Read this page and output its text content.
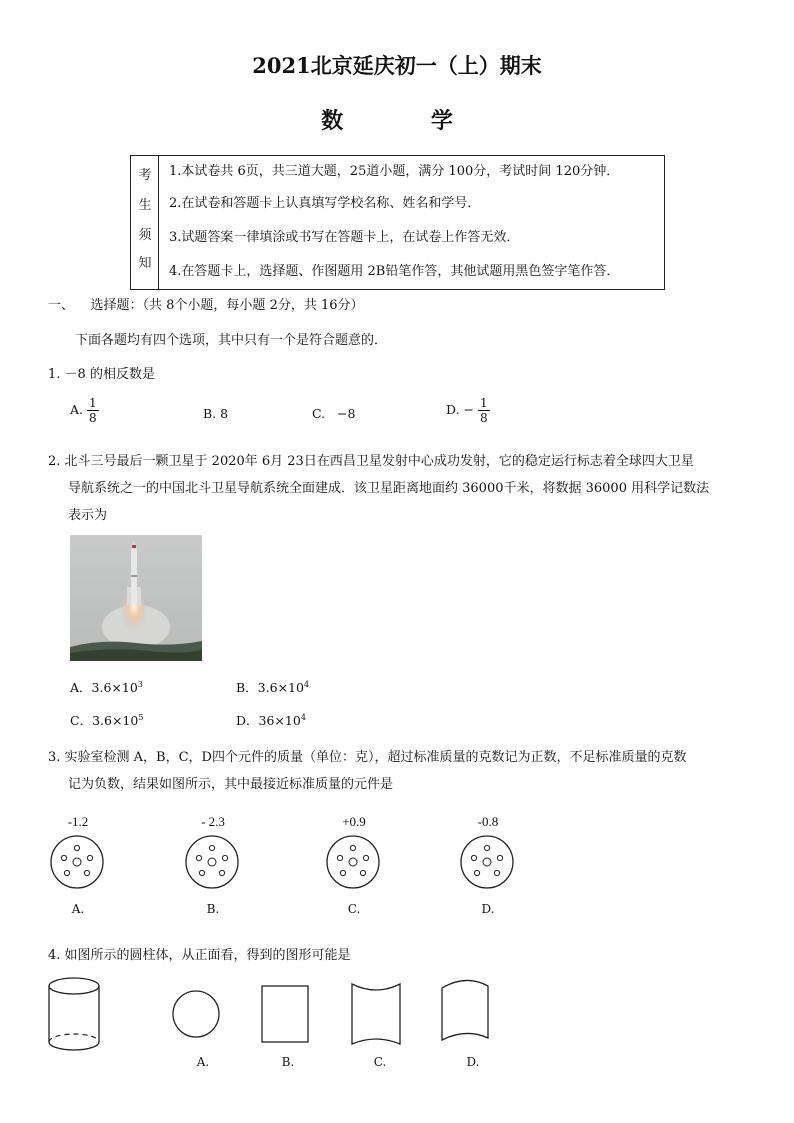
2021北京延庆初一（上）期末
数 学
考
生
须
知
1.本试卷共 6页，共三道大题，25道小题，满分 100分，考试时间 120分钟．
2.在试卷和答题卡上认真填写学校名称、姓名和学号．
3.试题答案一律填涂或书写在答题卡上，在试卷上作答无效．
4.在答题卡上，选择题、作图题用 2B铅笔作答，其他试题用黑色签字笔作答．
一、    选择题：（共 8个小题，每小题 2分，共 16分）
下面各题均有四个选项，其中只有一个是符合题意的．
1. －8 的相反数是
A. $\frac{1}{8}$	B. 8	C.   −8	D. − $\frac{1}{8}$
2. 北斗三号最后一颗卫星于 2020年 6月 23日在西昌卫星发射中心成功发射，它的稳定运行标志着全球四大卫星
导航系统之一的中国北斗卫星导航系统全面建成．该卫星距离地面约 36000千米，将数据 36000 用科学记数法
表示为
A．$3.6\times 10^3$	B．$3.6\times 10^4$
C．$3.6\times 10^5$	D．$36\times 10^4$
3. 实验室检测 A，B，C，D四个元件的质量（单位：克），超过标准质量的克数记为正数，不足标准质量的克数
记为负数，结果如图所示，其中最接近标准质量的元件是
-1.2
A.
- 2.3
B.
+0.9
C.
-0.8
D.
4. 如图所示的圆柱体，从正面看，得到的图形可能是
A.	B.	C.	D.
